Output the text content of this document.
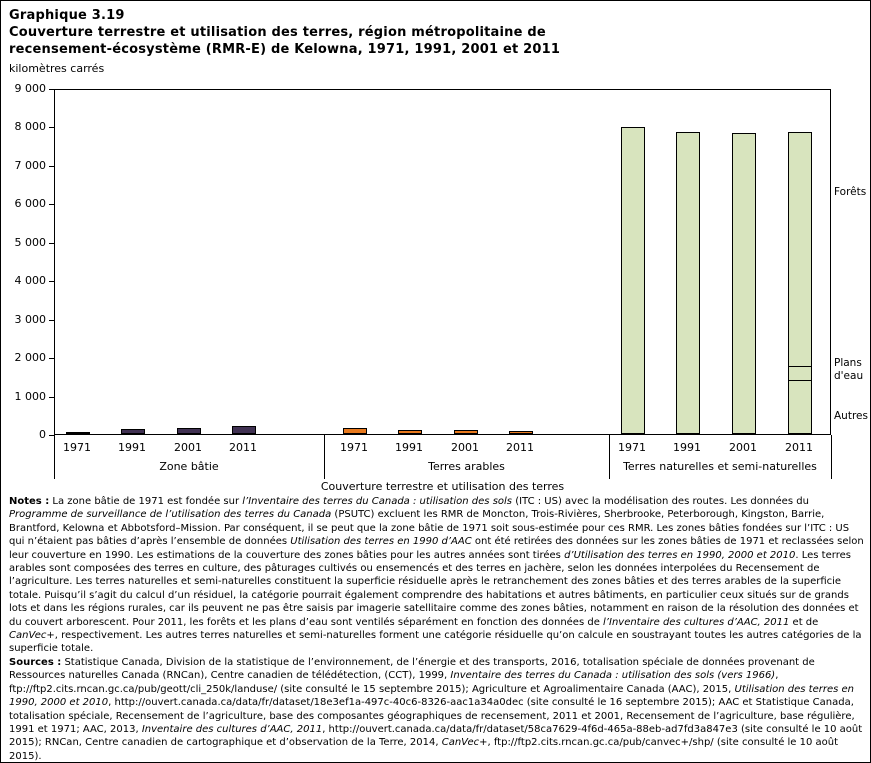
Graphique 3.19
Couverture terrestre et utilisation des terres, région métropolitaine de
recensement-écosystème (RMR-E) de Kelowna, 1971, 1991, 2001 et 2011
kilomètres carrés
0
1 000
2 000
3 000
4 000
5 000
6 000
7 000
8 000
9 000
1971 1991	2001 2011
Zone bâtie
1971 1991	2001 2011
Terres arables
1971 1991	2001	2011
Terres naturelles et semi-naturelles
Couverture terrestre et utilisation des terres
Forêts
Plans d'eau
Autres
Notes : La zone bâtie de 1971 est fondée sur l’Inventaire des terres du Canada : utilisation des sols (ITC : US) avec la modélisation des routes. Les données du Programme de surveillance de l’utilisation des terres du Canada (PSUTC) excluent les RMR de Moncton, Trois-Rivières, Sherbrooke, Peterborough, Kingston, Barrie, Brantford, Kelowna et Abbotsford–Mission. Par conséquent, il se peut que la zone bâtie de 1971 soit sous-estimée pour ces RMR. Les zones bâties fondées sur l’ITC : US qui n’étaient pas bâties d’après l’ensemble de données Utilisation des terres en 1990 d’AAC ont été retirées des données sur les zones bâties de 1971 et reclassées selon leur couverture en 1990. Les estimations de la couverture des zones bâties pour les autres années sont tirées d’Utilisation des terres en 1990, 2000 et 2010. Les terres arables sont composées des terres en culture, des pâturages cultivés ou ensemencés et des terres en jachère, selon les données interpolées du Recensement de l’agriculture. Les terres naturelles et semi-naturelles constituent la superficie résiduelle après le retranchement des zones bâties et des terres arables de la superficie totale. Puisqu’il s’agit du calcul d’un résiduel, la catégorie pourrait également comprendre des habitations et autres bâtiments, en particulier ceux situés sur de grands lots et dans les régions rurales, car ils peuvent ne pas être saisis par imagerie satellitaire comme des zones bâties, notamment en raison de la résolution des données et du couvert arborescent. Pour 2011, les forêts et les plans d’eau sont ventilés séparément en fonction des données de l’Inventaire des cultures d’AAC, 2011 et de CanVec+, respectivement. Les autres terres naturelles et semi-naturelles forment une catégorie résiduelle qu’on calcule en soustrayant toutes les autres catégories de la superficie totale.
Sources : Statistique Canada, Division de la statistique de l’environnement, de l’énergie et des transports, 2016, totalisation spéciale de données provenant de Ressources naturelles Canada (RNCan), Centre canadien de télédétection, (CCT), 1999, Inventaire des terres du Canada : utilisation des sols (vers 1966), ftp://ftp2.cits.rncan.gc.ca/pub/geott/cli_250k/landuse/ (site consulté le 15 septembre 2015); Agriculture et Agroalimentaire Canada (AAC), 2015, Utilisation des terres en 1990, 2000 et 2010, http://ouvert.canada.ca/data/fr/dataset/18e3ef1a-497c-40c6-8326-aac1a34a0dec (site consulté le 16 septembre 2015); AAC et Statistique Canada, totalisation spéciale, Recensement de l’agriculture, base des composantes géographiques de recensement, 2011 et 2001, Recensement de l’agriculture, base régulière, 1991 et 1971; AAC, 2013, Inventaire des cultures d’AAC, 2011, http://ouvert.canada.ca/data/fr/dataset/58ca7629-4f6d-465a-88eb-ad7fd3a847e3 (site consulté le 10 août 2015); RNCan, Centre canadien de cartographique et d’observation de la Terre, 2014, CanVec+, ftp://ftp2.cits.rncan.gc.ca/pub/canvec+/shp/ (site consulté le 10 août 2015).
